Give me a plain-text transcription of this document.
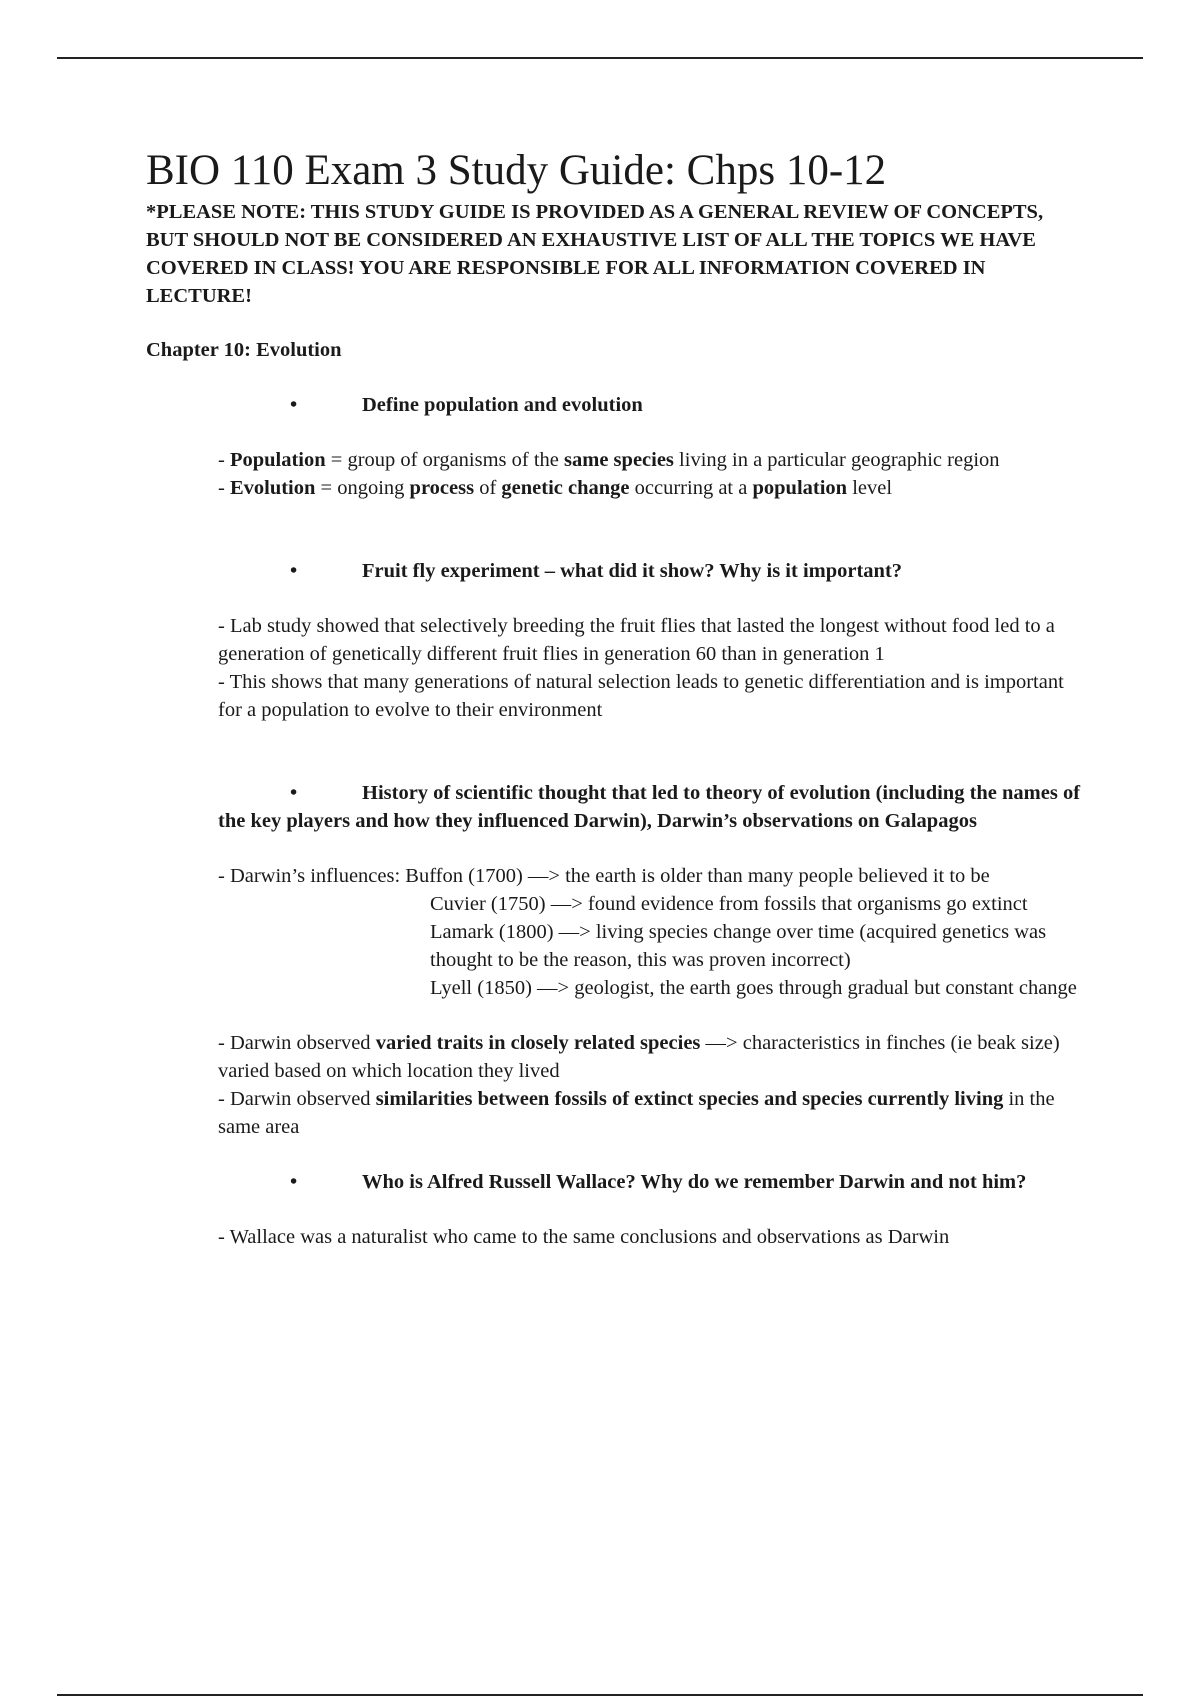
BIO 110 Exam 3 Study Guide: Chps 10-12

*PLEASE NOTE: THIS STUDY GUIDE IS PROVIDED AS A GENERAL REVIEW OF CONCEPTS, BUT SHOULD NOT BE CONSIDERED AN EXHAUSTIVE LIST OF ALL THE TOPICS WE HAVE COVERED IN CLASS! YOU ARE RESPONSIBLE FOR ALL INFORMATION COVERED IN LECTURE!

Chapter 10: Evolution

•	Define population and evolution

- Population = group of organisms of the same species living in a particular geographic region

- Evolution = ongoing process of genetic change occurring at a population level

•	Fruit fly experiment – what did it show? Why is it important?

- Lab study showed that selectively breeding the fruit flies that lasted the longest without food led to a generation of genetically different fruit flies in generation 60 than in generation 1

- This shows that many generations of natural selection leads to genetic differentiation and is important for a population to evolve to their environment

•	History of scientific thought that led to theory of evolution (including the names of the key players and how they influenced Darwin), Darwin’s observations on Galapagos

- Darwin’s influences: Buffon (1700) —> the earth is older than many people believed it to be

Cuvier (1750) —> found evidence from fossils that organisms go extinct

Lamark (1800) —> living species change over time (acquired genetics was thought to be the reason, this was proven incorrect)

Lyell (1850) —> geologist, the earth goes through gradual but constant change

- Darwin observed varied traits in closely related species —> characteristics in finches (ie beak size) varied based on which location they lived

- Darwin observed similarities between fossils of extinct species and species currently living in the same area

•	Who is Alfred Russell Wallace? Why do we remember Darwin and not him?

- Wallace was a naturalist who came to the same conclusions and observations as Darwin
